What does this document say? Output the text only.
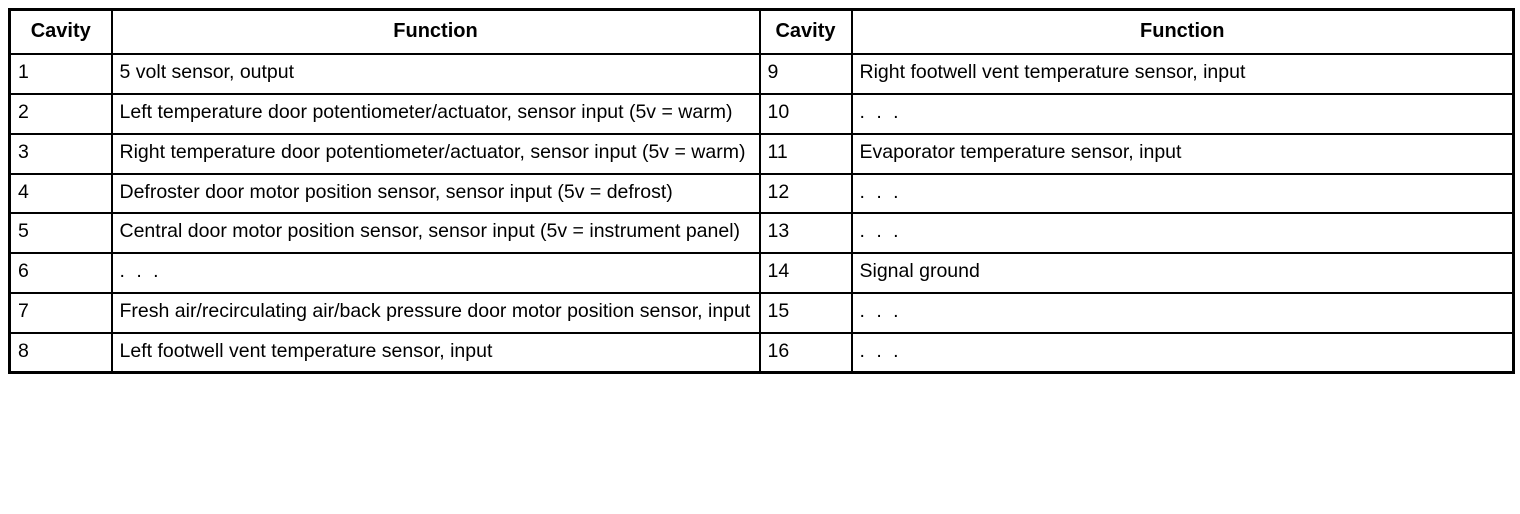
Cavity	Function	Cavity	Function
1	5 volt sensor, output	9	Right footwell vent temperature sensor, input
2	Left temperature door potentiometer/actuator, sensor input (5v = warm)	10	. . .
3	Right temperature door potentiometer/actuator, sensor input (5v = warm)	11	Evaporator temperature sensor, input
4	Defroster door motor position sensor, sensor input (5v = defrost)	12	. . .
5	Central door motor position sensor, sensor input (5v = instrument panel)	13	. . .
6	. . .	14	Signal ground
7	Fresh air/recirculating air/back pressure door motor position sensor, input	15	. . .
8	Left footwell vent temperature sensor, input	16	. . .
